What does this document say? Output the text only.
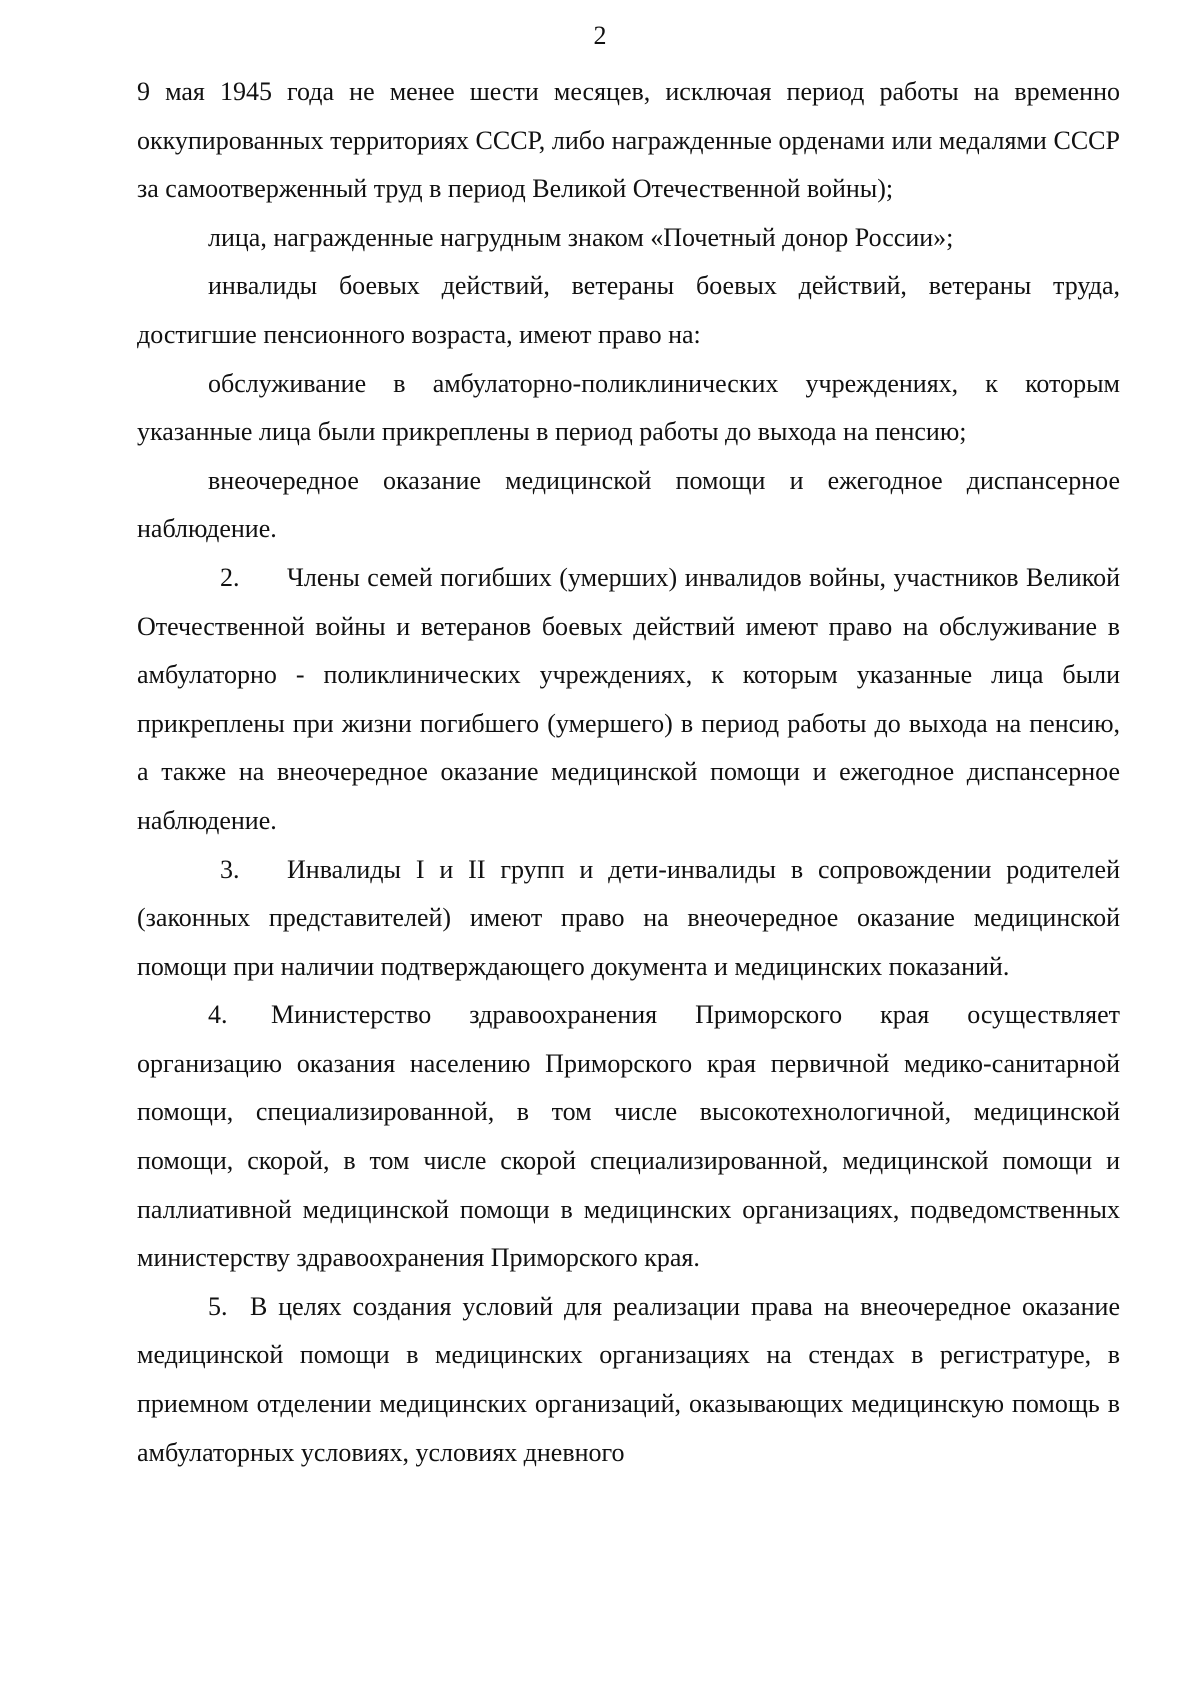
2

9 мая 1945 года не менее шести месяцев, исключая период работы на временно оккупированных территориях СССР, либо награжденные орденами или медалями СССР за самоотверженный труд в период Великой Отечественной войны);

лица, награжденные нагрудным знаком «Почетный донор России»;

инвалиды боевых действий, ветераны боевых действий, ветераны труда, достигшие пенсионного возраста, имеют право на:

обслуживание в амбулаторно-поликлинических учреждениях, к которым указанные лица были прикреплены в период работы до выхода на пенсию;

внеочередное оказание медицинской помощи и ежегодное диспансерное наблюдение.

2. Члены семей погибших (умерших) инвалидов войны, участников Великой Отечественной войны и ветеранов боевых действий имеют право на обслуживание в амбулаторно - поликлинических учреждениях, к которым указанные лица были прикреплены при жизни погибшего (умершего) в период работы до выхода на пенсию, а также на внеочередное оказание медицинской помощи и ежегодное диспансерное наблюдение.

3. Инвалиды I и II групп и дети-инвалиды в сопровождении родителей (законных представителей) имеют право на внеочередное оказание медицинской помощи при наличии подтверждающего документа и медицинских показаний.

4. Министерство здравоохранения Приморского края осуществляет организацию оказания населению Приморского края первичной медико-санитарной помощи, специализированной, в том числе высокотехнологичной, медицинской помощи, скорой, в том числе скорой специализированной, медицинской помощи и паллиативной медицинской помощи в медицинских организациях, подведомственных министерству здравоохранения Приморского края.

5. В целях создания условий для реализации права на внеочередное оказание медицинской помощи в медицинских организациях на стендах в регистратуре, в приемном отделении медицинских организаций, оказывающих медицинскую помощь в амбулаторных условиях, условиях дневного
